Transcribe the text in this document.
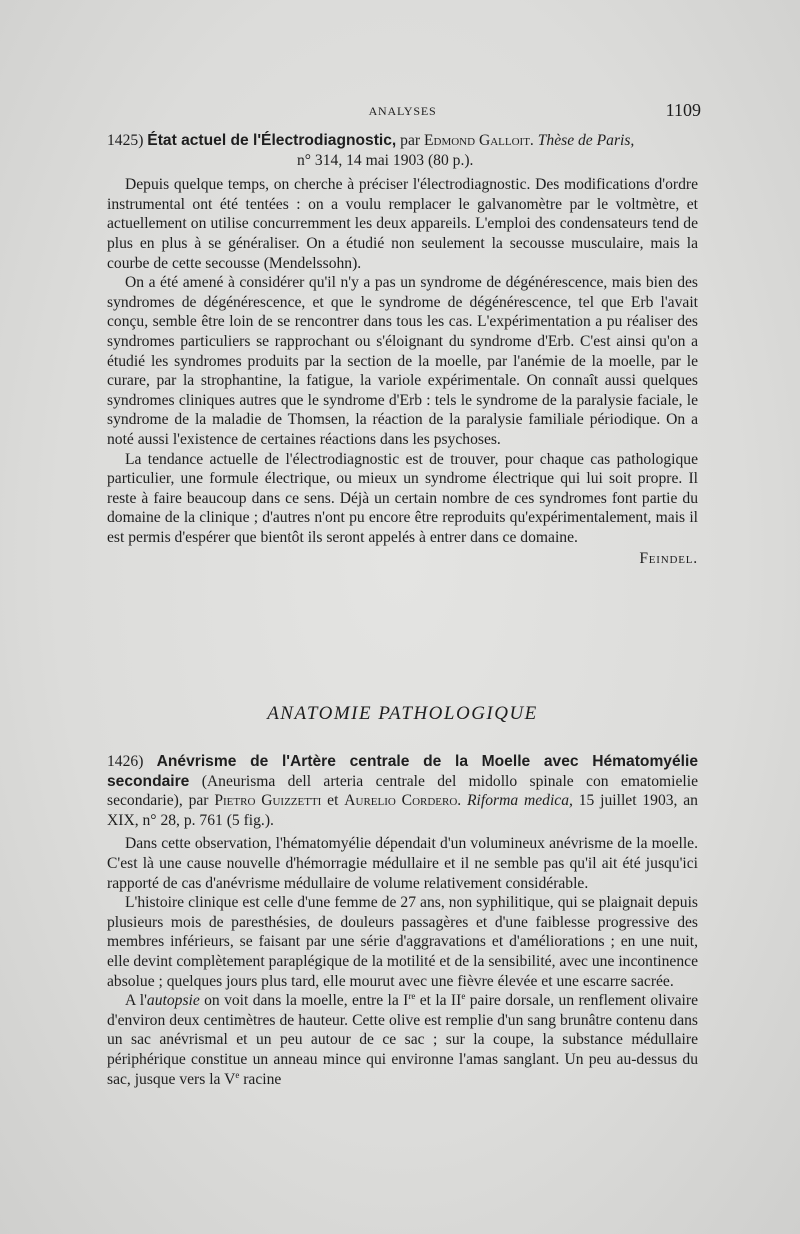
ANALYSES	1109

1425) État actuel de l'Électrodiagnostic, par Edmond Galloit. Thèse de Paris,

n° 314, 14 mai 1903 (80 p.).

Depuis quelque temps, on cherche à préciser l'électrodiagnostic. Des modifications d'ordre instrumental ont été tentées : on a voulu remplacer le galvanomètre par le voltmètre, et actuellement on utilise concurremment les deux appareils. L'emploi des condensateurs tend de plus en plus à se généraliser. On a étudié non seulement la secousse musculaire, mais la courbe de cette secousse (Mendelssohn).

On a été amené à considérer qu'il n'y a pas un syndrome de dégénérescence, mais bien des syndromes de dégénérescence, et que le syndrome de dégénérescence, tel que Erb l'avait conçu, semble être loin de se rencontrer dans tous les cas. L'expérimentation a pu réaliser des syndromes particuliers se rapprochant ou s'éloignant du syndrome d'Erb. C'est ainsi qu'on a étudié les syndromes produits par la section de la moelle, par l'anémie de la moelle, par le curare, par la strophantine, la fatigue, la variole expérimentale. On connaît aussi quelques syndromes cliniques autres que le syndrome d'Erb : tels le syndrome de la paralysie faciale, le syndrome de la maladie de Thomsen, la réaction de la paralysie familiale périodique. On a noté aussi l'existence de certaines réactions dans les psychoses.

La tendance actuelle de l'électrodiagnostic est de trouver, pour chaque cas pathologique particulier, une formule électrique, ou mieux un syndrome électrique qui lui soit propre. Il reste à faire beaucoup dans ce sens. Déjà un certain nombre de ces syndromes font partie du domaine de la clinique ; d'autres n'ont pu encore être reproduits qu'expérimentalement, mais il est permis d'espérer que bientôt ils seront appelés à entrer dans ce domaine.

Feindel.

ANATOMIE PATHOLOGIQUE

1426) Anévrisme de l'Artère centrale de la Moelle avec Hématomyélie secondaire (Aneurisma dell arteria centrale del midollo spinale con ematomielie secondarie), par Pietro Guizzetti et Aurelio Cordero. Riforma medica, 15 juillet 1903, an XIX, n° 28, p. 761 (5 fig.).

Dans cette observation, l'hématomyélie dépendait d'un volumineux anévrisme de la moelle. C'est là une cause nouvelle d'hémorragie médullaire et il ne semble pas qu'il ait été jusqu'ici rapporté de cas d'anévrisme médullaire de volume relativement considérable.

L'histoire clinique est celle d'une femme de 27 ans, non syphilitique, qui se plaignait depuis plusieurs mois de paresthésies, de douleurs passagères et d'une faiblesse progressive des membres inférieurs, se faisant par une série d'aggravations et d'améliorations ; en une nuit, elle devint complètement paraplégique de la motilité et de la sensibilité, avec une incontinence absolue ; quelques jours plus tard, elle mourut avec une fièvre élevée et une escarre sacrée.

A l'autopsie on voit dans la moelle, entre la Ire et la IIe paire dorsale, un renflement olivaire d'environ deux centimètres de hauteur. Cette olive est remplie d'un sang brunâtre contenu dans un sac anévrismal et un peu autour de ce sac ; sur la coupe, la substance médullaire périphérique constitue un anneau mince qui environne l'amas sanglant. Un peu au-dessus du sac, jusque vers la Ve racine
